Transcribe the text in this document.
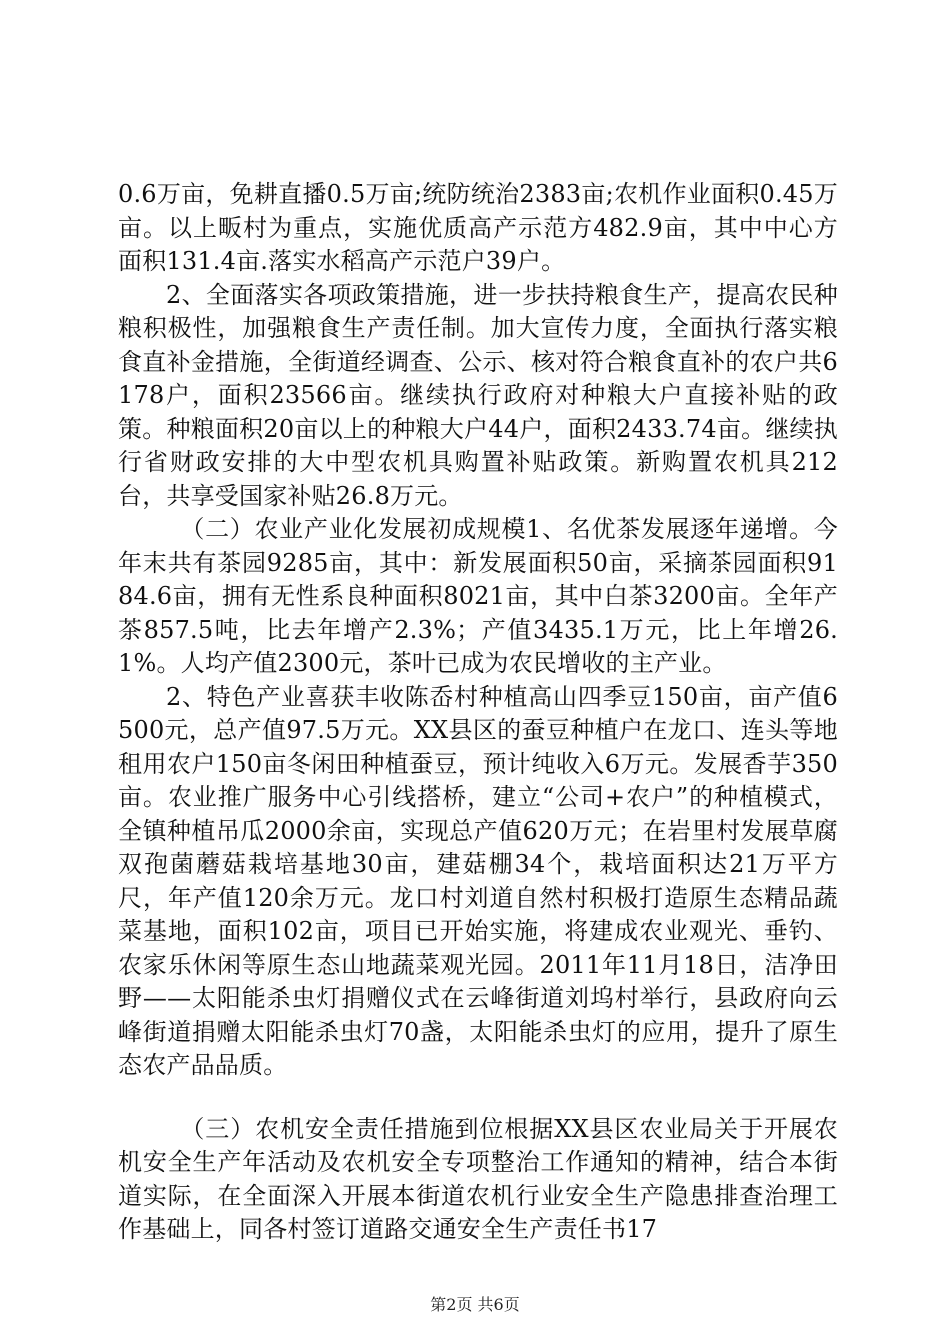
0.6万亩，免耕直播0.5万亩;统防统治2383亩;农机作业面积0.45万亩。以上畈村为重点，实施优质高产示范方482.9亩，其中中心方面积131.4亩.落实水稻高产示范户39户。

2、全面落实各项政策措施，进一步扶持粮食生产，提高农民种粮积极性，加强粮食生产责任制。加大宣传力度，全面执行落实粮食直补金措施，全街道经调查、公示、核对符合粮食直补的农户共6178户，面积23566亩。继续执行政府对种粮大户直接补贴的政策。种粮面积20亩以上的种粮大户44户，面积2433.74亩。继续执行省财政安排的大中型农机具购置补贴政策。新购置农机具212台，共享受国家补贴26.8万元。

（二）农业产业化发展初成规模1、名优茶发展逐年递增。今年末共有茶园9285亩，其中：新发展面积50亩，采摘茶园面积9184.6亩，拥有无性系良种面积8021亩，其中白茶3200亩。全年产茶857.5吨，比去年增产2.3%；产值3435.1万元，比上年增26.1%。人均产值2300元，茶叶已成为农民增收的主产业。

2、特色产业喜获丰收陈岙村种植高山四季豆150亩，亩产值6500元，总产值97.5万元。XX县区的蚕豆种植户在龙口、连头等地租用农户150亩冬闲田种植蚕豆，预计纯收入6万元。发展香芋350亩。农业推广服务中心引线搭桥，建立“公司+农户”的种植模式，全镇种植吊瓜2000余亩，实现总产值620万元；在岩里村发展草腐双孢菌蘑菇栽培基地30亩，建菇棚34个，栽培面积达21万平方尺，年产值120余万元。龙口村刘道自然村积极打造原生态精品蔬菜基地，面积102亩，项目已开始实施，将建成农业观光、垂钓、农家乐休闲等原生态山地蔬菜观光园。2011年11月18日，洁净田野——太阳能杀虫灯捐赠仪式在云峰街道刘坞村举行，县政府向云峰街道捐赠太阳能杀虫灯70盏，太阳能杀虫灯的应用，提升了原生态农产品品质。

（三）农机安全责任措施到位根据XX县区农业局关于开展农机安全生产年活动及农机安全专项整治工作通知的精神，结合本街道实际，在全面深入开展本街道农机行业安全生产隐患排查治理工作基础上，同各村签订道路交通安全生产责任书17

第2页 共6页
